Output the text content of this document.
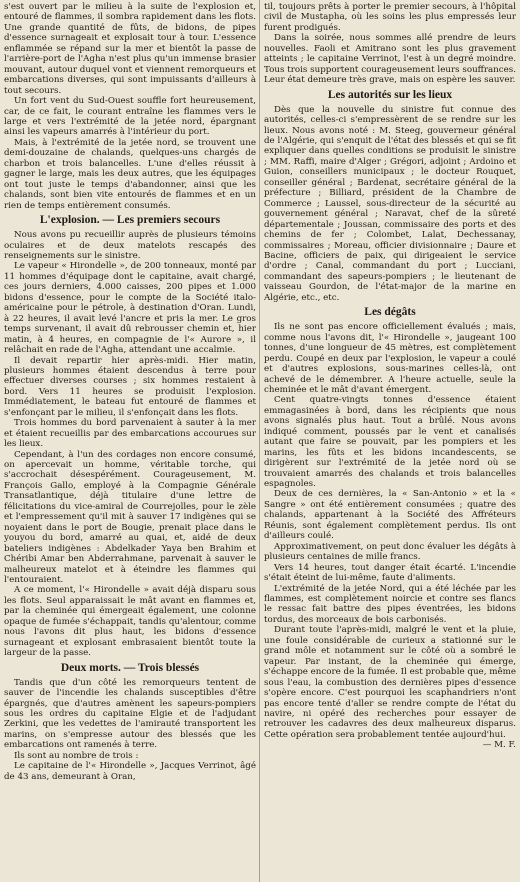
s'est ouvert par le milieu à la suite de l'explosion et, entouré de flammes, il sombra rapidement dans les flots. Une grande quantité de fûts, de bidons, de pipes d'essence surnageait et explosait tour à tour. L'essence enflammée se répand sur la mer et bientôt la passe de l'arrière-port de l'Agha n'est plus qu'un immense brasier mouvant, autour duquel vont et viennent remorqueurs et embarcations diverses, qui sont impuissants d'ailleurs à tout secours.

Un fort vent du Sud-Ouest souffle fort heureusement, car, de ce fait, le courant entraîne les flammes vers le large et vers l'extrémité de la jetée nord, épargnant ainsi les vapeurs amarrés à l'intérieur du port.

Mais, à l'extrémité de la jetée nord, se trouvent une demi-douzaine de chalands, quelques-uns chargés de charbon et trois balancelles. L'une d'elles réussit à gagner le large, mais les deux autres, que les équipages ont tout juste le temps d'abandonner, ainsi que les chalands, sont bien vite entourés de flammes et en un rien de temps entièrement consumés.

L'explosion. — Les premiers secours

Nous avons pu recueillir auprès de plusieurs témoins oculaires et de deux matelots rescapés des renseignements sur le sinistre.

Le vapeur « Hirondelle », de 200 tonneaux, monté par 11 hommes d'équipage dont le capitaine, avait chargé, ces jours derniers, 4.000 caisses, 200 pipes et 1.000 bidons d'essence, pour le compte de la Société italo-américaine pour le pétrole, à destination d'Oran. Lundi, à 22 heures, il avait levé l'ancre et pris la mer. Le gros temps survenant, il avait dû rebrousser chemin et, hier matin, à 4 heures, en compagnie de l'« Aurore », il relâchait en rade de l'Agha, attendant une accalmie.

Il devait repartir hier après-midi. Hier matin, plusieurs hommes étaient descendus à terre pour effectuer diverses courses ; six hommes restaient à bord. Vers 11 heures se produisit l'explosion. Immédiatement, le bateau fut entouré de flammes et s'enfonçant par le milieu, il s'enfonçait dans les flots.

Trois hommes du bord parvenaient à sauter à la mer et étaient recueillis par des embarcations accourues sur les lieux.

Cependant, à l'un des cordages non encore consumé, on apercevait un homme, véritable torche, qui s'accrochait désespérément. Courageusement, M. François Gallo, employé à la Compagnie Générale Transatlantique, déjà titulaire d'une lettre de félicitations du vice-amiral de Courrejolles, pour le zèle et l'empressement qu'il mit à sauver 17 indigènes qui se noyaient dans le port de Bougie, prenait place dans le youyou du bord, amarré au quai, et, aidé de deux bateliers indigènes : Abdelkader Yaya ben Brahim et Chéribi Amar ben Abderrahmane, parvenait à sauver le malheureux matelot et à éteindre les flammes qui l'entouraient.

A ce moment, l'« Hirondelle » avait déjà disparu sous les flots. Seul apparaissait le mât avant en flammes et, par la cheminée qui émergeait également, une colonne opaque de fumée s'échappait, tandis qu'alentour, comme nous l'avons dit plus haut, les bidons d'essence surnageant et explosant embrasaient bientôt toute la largeur de la passe.

Deux morts. — Trois blessés

Tandis que d'un côté les remorqueurs tentent de sauver de l'incendie les chalands susceptibles d'être épargnés, que d'autres amènent les sapeurs-pompiers sous les ordres du capitaine Elgie et de l'adjudant Zerkini, que les vedettes de l'amirauté transportent les marins, on s'empresse autour des blessés que les embarcations ont ramenés à terre.

Ils sont au nombre de trois :

Le capitaine de l'« Hirondelle », Jacques Verrinot, âgé de 43 ans, demeurant à Oran,

til, toujours prêts à porter le premier secours, à l'hôpital civil de Mustapha, où les soins les plus empressés leur furent prodigués.

Dans la soirée, nous sommes allé prendre de leurs nouvelles. Faoli et Amitrano sont les plus gravement atteints ; le capitaine Verrinot, l'est à un degré moindre. Tous trois supportent courageusement leurs souffrances. Leur état demeure très grave, mais on espère les sauver.

Les autorités sur les lieux

Dès que la nouvelle du sinistre fut connue des autorités, celles-ci s'empressèrent de se rendre sur les lieux. Nous avons noté : M. Steeg, gouverneur général de l'Algérie, qui s'enquit de l'état des blessés et qui se fit expliquer dans quelles conditions se produisit le sinistre ; MM. Raffi, maire d'Alger ; Grégori, adjoint ; Ardoino et Guion, conseillers municipaux ; le docteur Rouquet, conseiller général ; Bardenat, secrétaire général de la préfecture ; Billiard, président de la Chambre de Commerce ; Laussel, sous-directeur de la sécurité au gouvernement général ; Naravat, chef de la sûreté départementale ; Joussan, commissaire des ports et des chemins de fer ; Colombet, Lalat, Dechessanay, commissaires ; Moreau, officier divisionnaire ; Daure et Bacine, officiers de paix, qui dirigeaient le service d'ordre ; Canal, commandant du port ; Lucciani, commandant des sapeurs-pompiers ; le lieutenant de vaisseau Gourdon, de l'état-major de la marine en Algérie, etc., etc.

Les dégâts

Ils ne sont pas encore officiellement évalués ; mais, comme nous l'avons dit, l'« Hirondelle », jaugeant 100 tonnes, d'une longueur de 45 mètres, est complètement perdu. Coupé en deux par l'explosion, le vapeur a coulé et d'autres explosions, sous-marines celles-là, ont achevé de le démembrer. A l'heure actuelle, seule la cheminée et le mât d'avant émergent.

Cent quatre-vingts tonnes d'essence étaient emmagasinées à bord, dans les récipients que nous avons signalés plus haut. Tout a brûlé. Nous avons indiqué comment, poussés par le vent et canalisés autant que faire se pouvait, par les pompiers et les marins, les fûts et les bidons incandescents, se dirigèrent sur l'extrémité de la jetée nord où se trouvaient amarrés des chalands et trois balancelles espagnoles.

Deux de ces dernières, la « San-Antonio » et la « Sangre » ont été entièrement consumées ; quatre des chalands, appartenant à la Société des Affréteurs Réunis, sont également complètement perdus. Ils ont d'ailleurs coulé.

Approximativement, on peut donc évaluer les dégâts à plusieurs centaines de mille francs.

Vers 14 heures, tout danger était écarté. L'incendie s'était éteint de lui-même, faute d'aliments.

L'extrémité de la jetée Nord, qui a été léchée par les flammes, est complètement noircie et contre ses flancs le ressac fait battre des pipes éventrées, les bidons tordus, des morceaux de bois carbonisés.

Durant toute l'après-midi, malgré le vent et la pluie, une foule considérable de curieux a stationné sur le grand môle et notamment sur le côté où a sombré le vapeur. Par instant, de la cheminée qui émerge, s'échappe encore de la fumée. Il est probable que, même sous l'eau, la combustion des dernières pipes d'essence s'opère encore. C'est pourquoi les scaphandriers n'ont pas encore tenté d'aller se rendre compte de l'état du navire, ni opéré des recherches pour essayer de retrouver les cadavres des deux malheureux disparus. Cette opération sera probablement tentée aujourd'hui.

— M. F.
